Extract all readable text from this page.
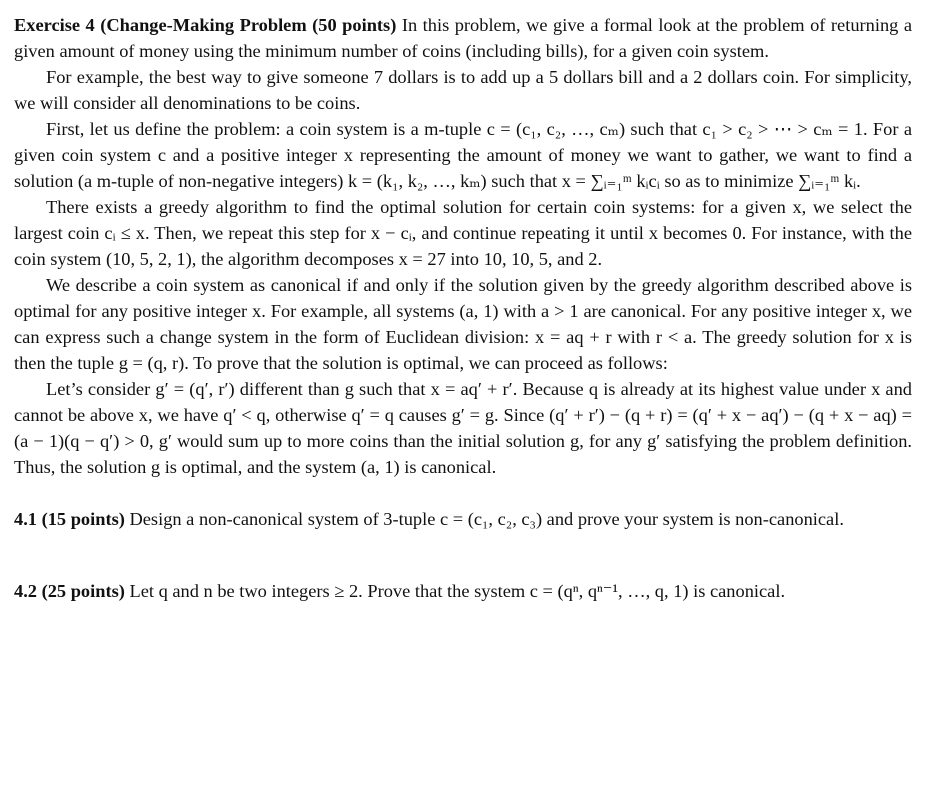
Exercise 4 (Change-Making Problem (50 points) In this problem, we give a formal look at the problem of returning a given amount of money using the minimum number of coins (including bills), for a given coin system.

For example, the best way to give someone 7 dollars is to add up a 5 dollars bill and a 2 dollars coin. For simplicity, we will consider all denominations to be coins.

First, let us define the problem: a coin system is a m-tuple c = (c₁, c₂, …, cₘ) such that c₁ > c₂ > ⋯ > cₘ = 1. For a given coin system c and a positive integer x representing the amount of money we want to gather, we want to find a solution (a m-tuple of non-negative integers) k = (k₁, k₂, …, kₘ) such that x = ∑ᵢ₌₁ᵐ kᵢcᵢ so as to minimize ∑ᵢ₌₁ᵐ kᵢ.

There exists a greedy algorithm to find the optimal solution for certain coin systems: for a given x, we select the largest coin cᵢ ≤ x. Then, we repeat this step for x − cᵢ, and continue repeating it until x becomes 0. For instance, with the coin system (10, 5, 2, 1), the algorithm decomposes x = 27 into 10, 10, 5, and 2.

We describe a coin system as canonical if and only if the solution given by the greedy algorithm described above is optimal for any positive integer x. For example, all systems (a, 1) with a > 1 are canonical. For any positive integer x, we can express such a change system in the form of Euclidean division: x = aq + r with r < a. The greedy solution for x is then the tuple g = (q, r). To prove that the solution is optimal, we can proceed as follows:

Let’s consider g′ = (q′, r′) different than g such that x = aq′ + r′. Because q is already at its highest value under x and cannot be above x, we have q′ < q, otherwise q′ = q causes g′ = g. Since (q′ + r′) − (q + r) = (q′ + x − aq′) − (q + x − aq) = (a − 1)(q − q′) > 0, g′ would sum up to more coins than the initial solution g, for any g′ satisfying the problem definition. Thus, the solution g is optimal, and the system (a, 1) is canonical.

4.1 (15 points) Design a non-canonical system of 3-tuple c = (c₁, c₂, c₃) and prove your system is non-canonical.

4.2 (25 points) Let q and n be two integers ≥ 2. Prove that the system c = (qⁿ, qⁿ⁻¹, …, q, 1) is canonical.
